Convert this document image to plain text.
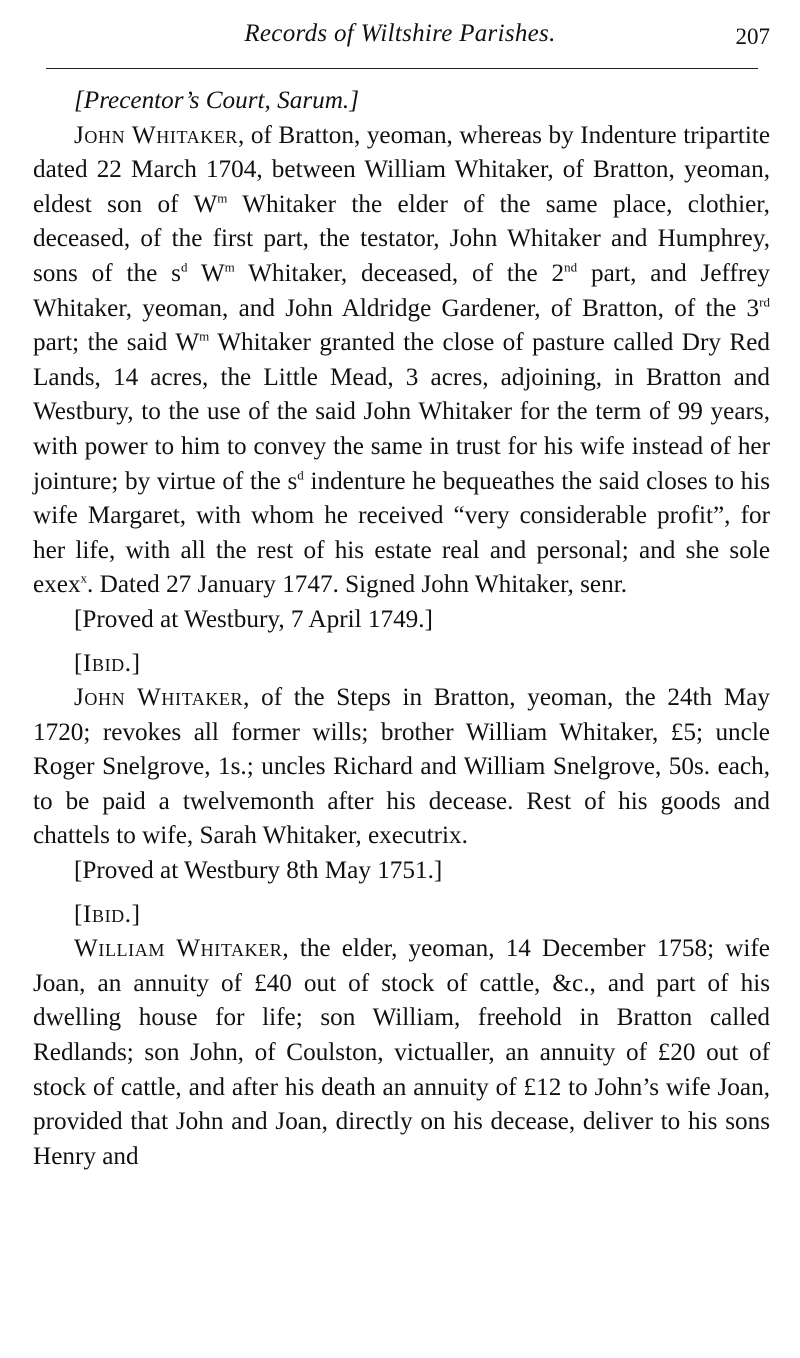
Records of Wiltshire Parishes.	207

[Precentor’s Court, Sarum.]

John Whitaker, of Bratton, yeoman, whereas by Indenture tripartite dated 22 March 1704, between William Whitaker, of Bratton, yeoman, eldest son of $W^m$ Whitaker the elder of the same place, clothier, deceased, of the first part, the testator, John Whitaker and Humphrey, sons of the $s^d$ $W^m$ Whitaker, deceased, of the 2nd part, and Jeffrey Whitaker, yeoman, and John Aldridge Gardener, of Bratton, of the 3rd part; the said $W^m$ Whitaker granted the close of pasture called Dry Red Lands, 14 acres, the Little Mead, 3 acres, adjoining, in Bratton and Westbury, to the use of the said John Whitaker for the term of 99 years, with power to him to convey the same in trust for his wife instead of her jointure; by virtue of the $s^d$ indenture he bequeathes the said closes to his wife Margaret, with whom he received “very considerable profit”, for her life, with all the rest of his estate real and personal; and she sole exex$^x$. Dated 27 January 1747. Signed John Whitaker, senr.

[Proved at Westbury, 7 April 1749.]

[Ibid.]

John Whitaker, of the Steps in Bratton, yeoman, the 24th May 1720; revokes all former wills; brother William Whitaker, £5; uncle Roger Snelgrove, 1s.; uncles Richard and William Snelgrove, 50s. each, to be paid a twelvemonth after his decease. Rest of his goods and chattels to wife, Sarah Whitaker, executrix.

[Proved at Westbury 8th May 1751.]

[Ibid.]

William Whitaker, the elder, yeoman, 14 December 1758; wife Joan, an annuity of £40 out of stock of cattle, &c., and part of his dwelling house for life; son William, freehold in Bratton called Redlands; son John, of Coulston, victualler, an annuity of £20 out of stock of cattle, and after his death an annuity of £12 to John’s wife Joan, provided that John and Joan, directly on his decease, deliver to his sons Henry and
